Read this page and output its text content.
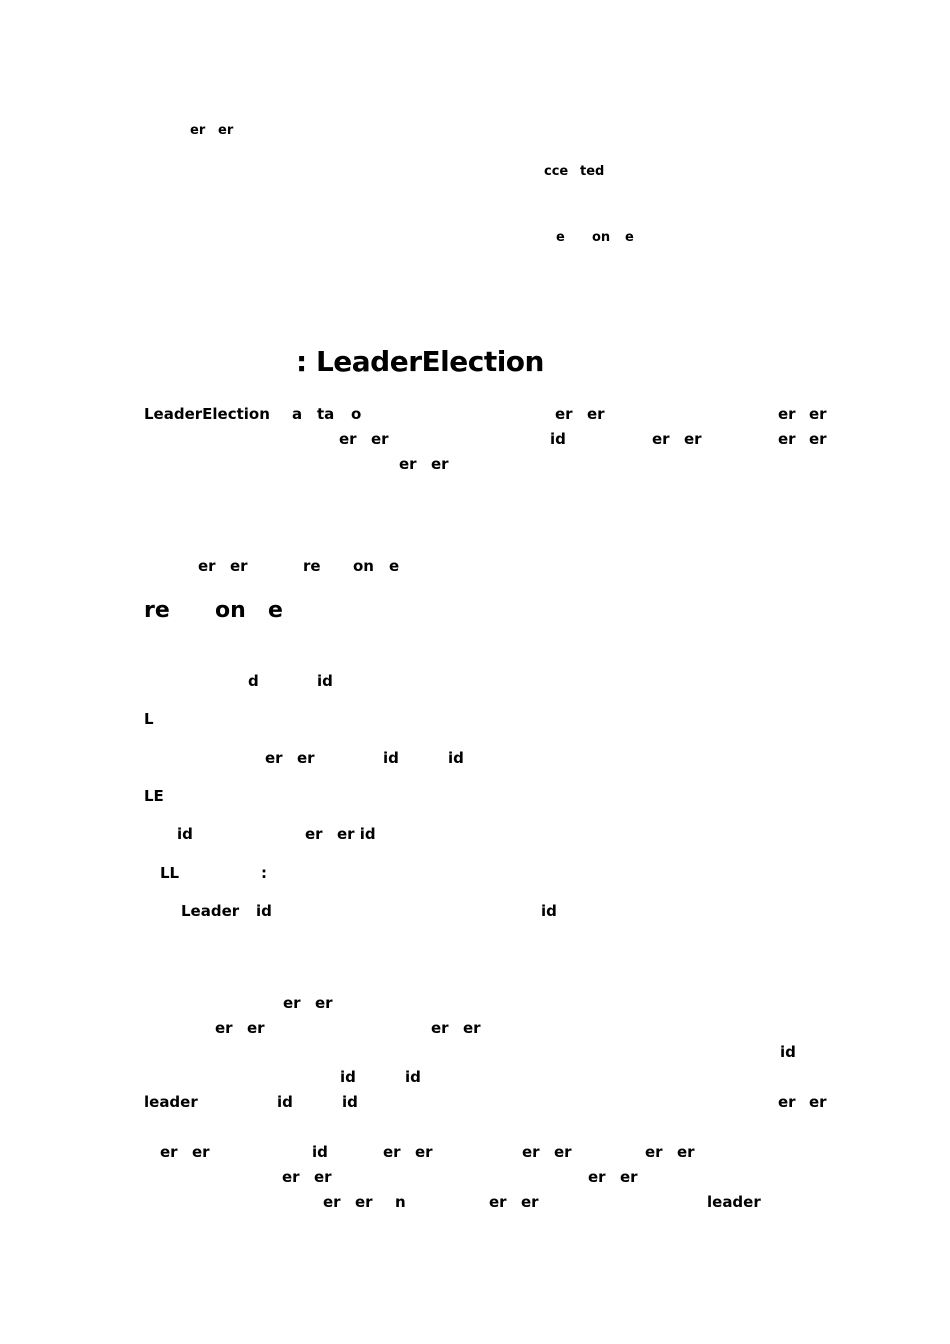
er er
cce ted
e on e
: LeaderElection
LeaderElection a ta o	er er	er er
er er	id	er er	er er
er er
er er	re on e
re on e
d	id
L
er er	id	id
LE
id	er er id
LL	:
Leader id	id
er er
er er	er er
id
id	id
leader	id	id	er er
er er	id	er er	er er	er er
er er	er er
er er n	er er	leader
